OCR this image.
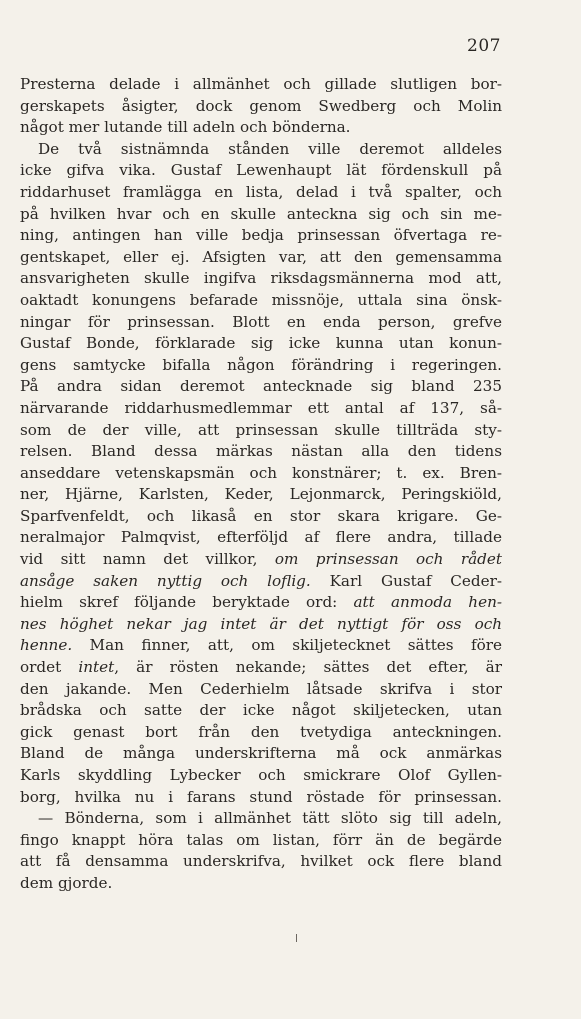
207
Presterna delade i allmänhet och gillade slutligen bor-
gerskapets åsigter, dock genom Swedberg och Molin
något mer lutande till adeln och bönderna.
De två sistnämnda stånden ville deremot alldeles
icke gifva vika. Gustaf Lewenhaupt lät fördenskull på
riddarhuset framlägga en lista, delad i två spalter, och
på hvilken hvar och en skulle anteckna sig och sin me-
ning, antingen han ville bedja prinsessan öfvertaga re-
gentskapet, eller ej. Afsigten var, att den gemensamma
ansvarigheten skulle ingifva riksdagsmännerna mod att,
oaktadt konungens befarade missnöje, uttala sina önsk-
ningar för prinsessan. Blott en enda person, grefve
Gustaf Bonde, förklarade sig icke kunna utan konun-
gens samtycke bifalla någon förändring i regeringen.
På andra sidan deremot antecknade sig bland 235
närvarande riddarhusmedlemmar ett antal af 137, så-
som de der ville, att prinsessan skulle tillträda sty-
relsen. Bland dessa märkas nästan alla den tidens
anseddare vetenskapsmän och konstnärer; t. ex. Bren-
ner, Hjärne, Karlsten, Keder, Lejonmarck, Peringskiöld,
Sparfvenfeldt, och likaså en stor skara krigare. Ge-
neralmajor Palmqvist, efterföljd af flere andra, tillade
vid sitt namn det villkor, om prinsessan och rådet
ansåge saken nyttig och loflig. Karl Gustaf Ceder-
hielm skref följande beryktade ord: att anmoda hen-
nes höghet nekar jag intet är det nyttigt för oss och
henne. Man finner, att, om skiljetecknet sättes före
ordet intet, är rösten nekande; sättes det efter, är
den jakande. Men Cederhielm låtsade skrifva i stor
brådska och satte der icke något skiljetecken, utan
gick genast bort från den tvetydiga anteckningen.
Bland de många underskrifterna må ock anmärkas
Karls skyddling Lybecker och smickrare Olof Gyllen-
borg, hvilka nu i farans stund röstade för prinsessan.
— Bönderna, som i allmänhet tätt slöto sig till adeln,
fingo knappt höra talas om listan, förr än de begärde
att få densamma underskrifva, hvilket ock flere bland
dem gjorde.
